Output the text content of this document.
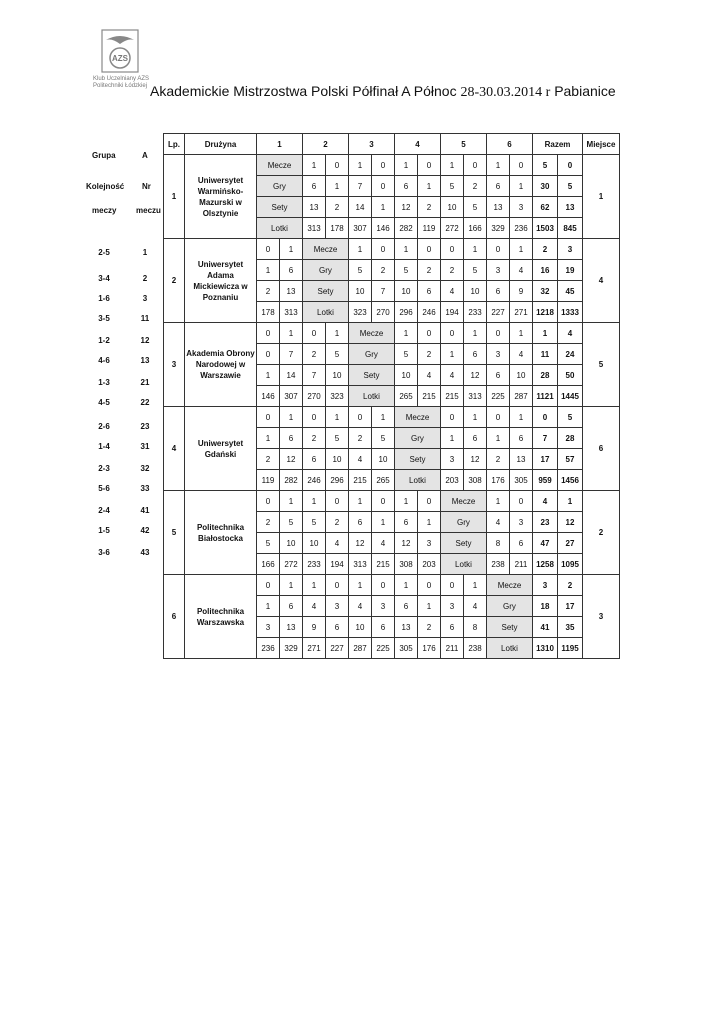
AZS
Klub Uczelniany AZS Politechniki Łódzkiej Akademickie Mistrzostwa Polski Półfinał A Północ 28-30.03.2014 r Pabianice
Grupa	A
Kolejność Nr
meczy meczu
2-5	1
3-4	2
1-6	3
3-5	11
1-2	12
4-6	13
1-3	21
4-5	22
2-6	23
1-4	31
2-3	32
5-6	33
2-4	41
1-5	42
3-6	43
Lp.	Drużyna	1		2		3		4		5		6		Razem		Miejsce
1	Uniwersytet Warmińsko-Mazurski w Olsztynie	Mecze		1	0	1	0	1	0	1	0	1	0	5	0	1
		Gry		6	1	7	0	6	1	5	2	6	1	30	5	
		Sety		13	2	14	1	12	2	10	5	13	3	62	13	
		Lotki		313	178	307	146	282	119	272	166	329	236	1503	845	
2	Uniwersytet Adama Mickiewicza w Poznaniu	0	1	Mecze		1	0	1	0	0	1	0	1	2	3	4
		1	6	Gry		5	2	5	2	2	5	3	4	16	19	
		2	13	Sety		10	7	10	6	4	10	6	9	32	45	
		178	313	Lotki		323	270	296	246	194	233	227	271	1218	1333	
3	Akademia Obrony Narodowej w Warszawie	0	1	0	1	Mecze		1	0	0	1	0	1	1	4	5
		0	7	2	5	Gry		5	2	1	6	3	4	11	24	
		1	14	7	10	Sety		10	4	4	12	6	10	28	50	
		146	307	270	323	Lotki		265	215	215	313	225	287	1121	1445	
4	Uniwersytet Gdański	0	1	0	1	0	1	Mecze		0	1	0	1	0	5	6
		1	6	2	5	2	5	Gry		1	6	1	6	7	28	
		2	12	6	10	4	10	Sety		3	12	2	13	17	57	
		119	282	246	296	215	265	Lotki		203	308	176	305	959	1456	
5	Politechnika Białostocka	0	1	1	0	1	0	1	0	Mecze		1	0	4	1	2
		2	5	5	2	6	1	6	1	Gry		4	3	23	12	
		5	10	10	4	12	4	12	3	Sety		8	6	47	27	
		166	272	233	194	313	215	308	203	Lotki		238	211	1258	1095	
6	Politechnika Warszawska	0	1	1	0	1	0	1	0	0	1	Mecze		3	2	3
		1	6	4	3	4	3	6	1	3	4	Gry		18	17	
		3	13	9	6	10	6	13	2	6	8	Sety		41	35	
		236	329	271	227	287	225	305	176	211	238	Lotki		1310	1195	
